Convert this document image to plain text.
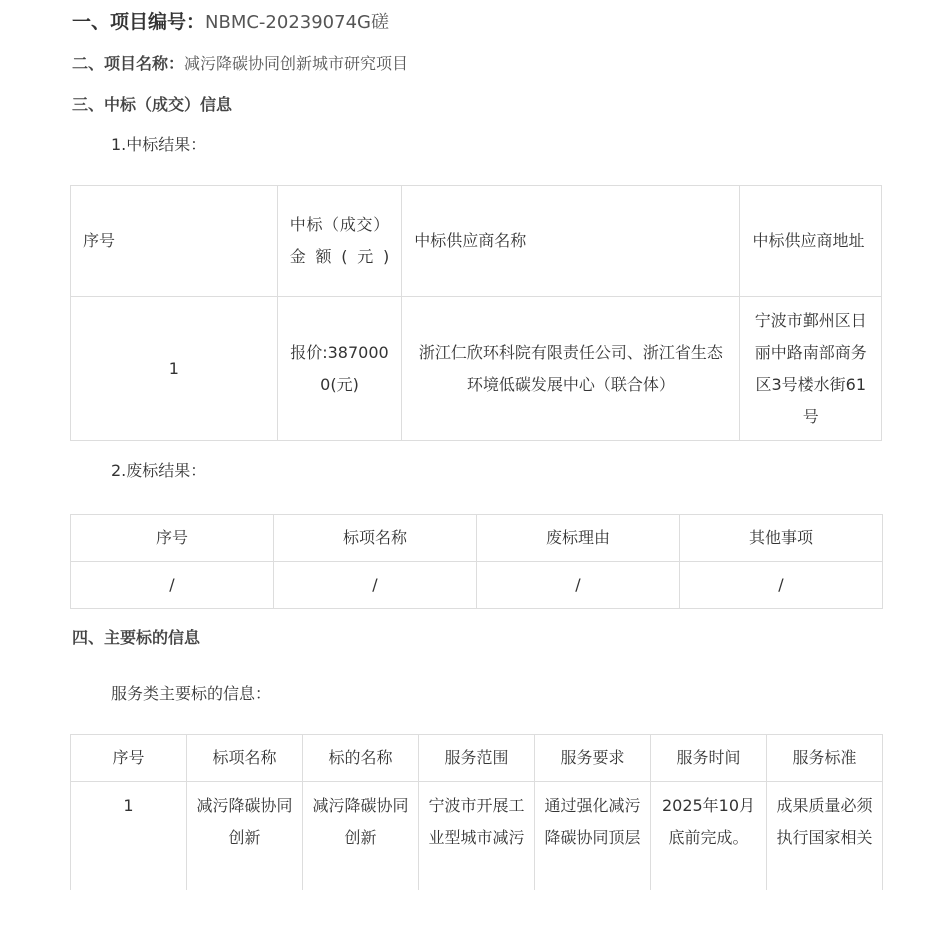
一、项目编号：NBMC-20239074G磋
二、项目名称：减污降碳协同创新城市研究项目
三、中标（成交）信息
1.中标结果：
序号	中标（成交）金额(元)	中标供应商名称	中标供应商地址
1	报价:3870000(元)	浙江仁欣环科院有限责任公司、浙江省生态环境低碳发展中心（联合体）	宁波市鄞州区日丽中路南部商务区3号楼水街61号
2.废标结果：
序号	标项名称	废标理由	其他事项
/	/	/	/
四、主要标的信息
服务类主要标的信息：
序号	标项名称	标的名称	服务范围	服务要求	服务时间	服务标准
1	减污降碳协同创新	减污降碳协同创新	宁波市开展工业型城市减污	通过强化减污降碳协同顶层	2025年10月底前完成。	成果质量必须执行国家相关
